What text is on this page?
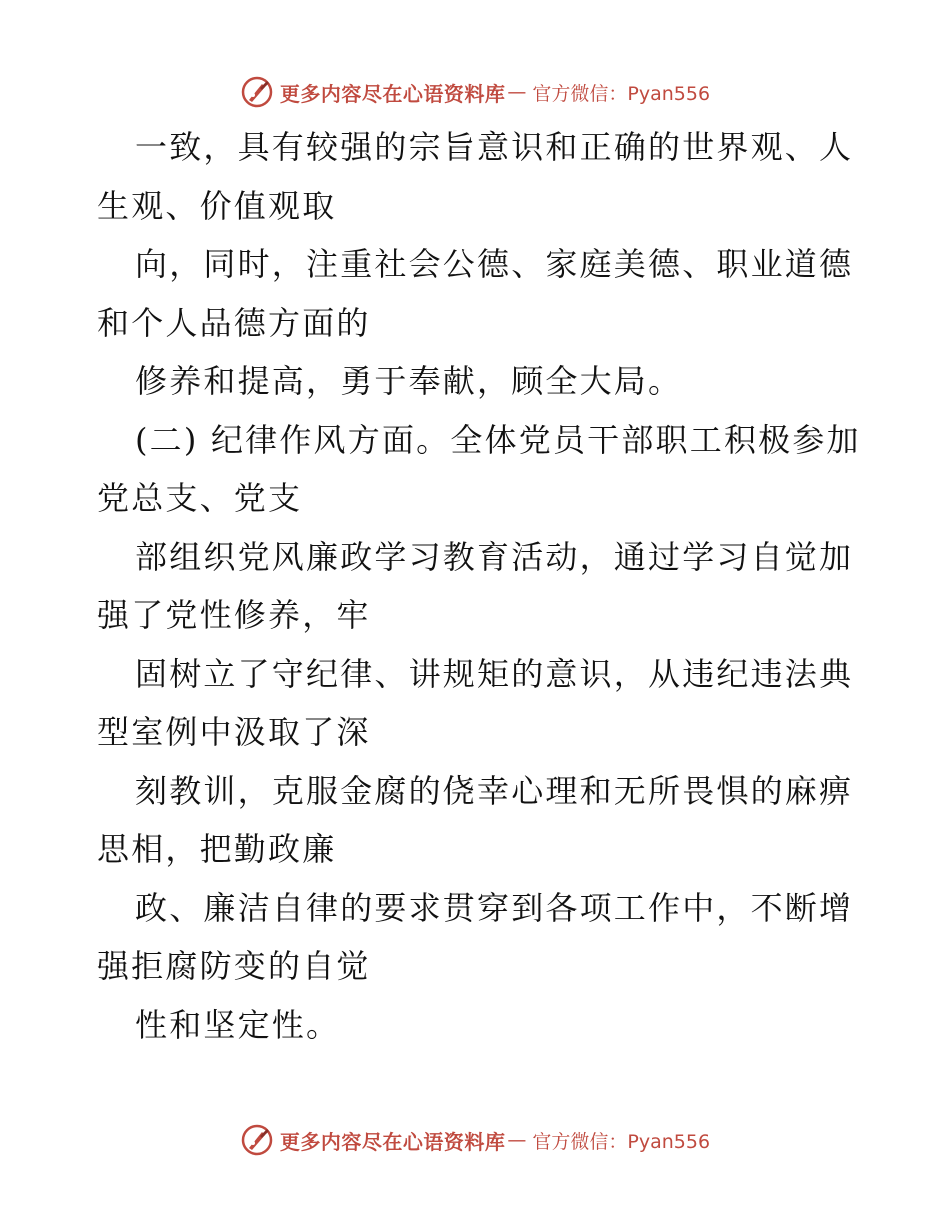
更多内容尽在心语资料库 — 官方微信：Pyan556
一致，具有较强的宗旨意识和正确的世界观、人
生观、价值观取
向，同时，注重社会公德、家庭美德、职业道德
和个人品德方面的
修养和提高，勇于奉献，顾全大局。
(二) 纪律作风方面。全体党员干部职工积极参加
党总支、党支
部组织党风廉政学习教育活动，通过学习自觉加
强了党性修养，牢
固树立了守纪律、讲规矩的意识，从违纪违法典
型室例中汲取了深
刻教训，克服金腐的侥幸心理和无所畏惧的麻痹
思相，把勤政廉
政、廉洁自律的要求贯穿到各项工作中，不断增
强拒腐防变的自觉
性和坚定性。
更多内容尽在心语资料库 — 官方微信：Pyan556
